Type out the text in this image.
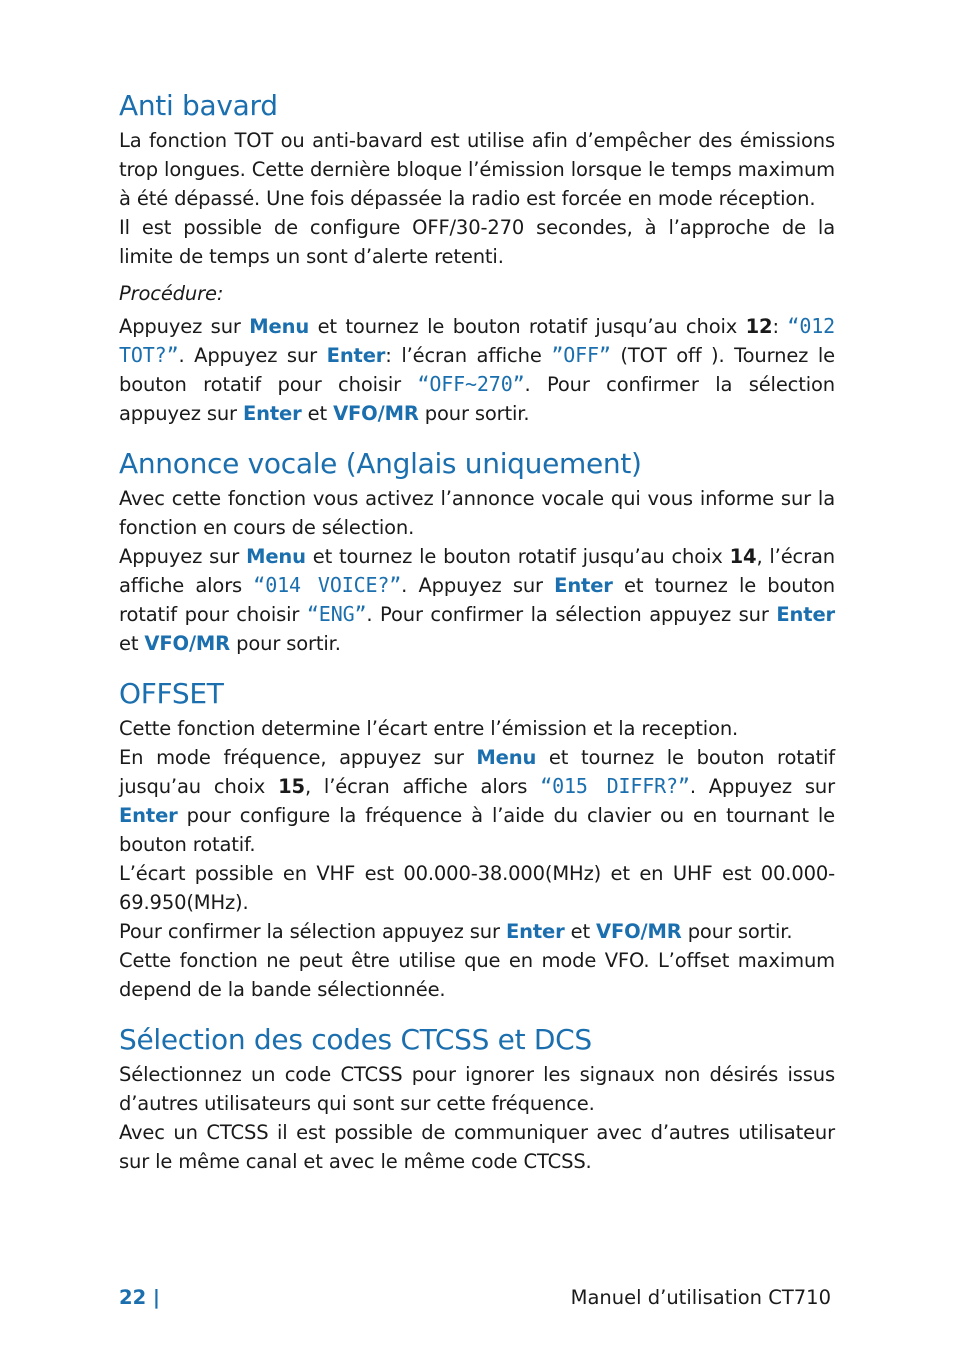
Anti bavard

La fonction TOT ou anti-bavard est utilise afin d’empêcher des émissions trop longues. Cette dernière bloque l’émission lorsque le temps maximum à été dépassé. Une fois dépassée la radio est forcée en mode réception.

Il est possible de configure OFF/30-270 secondes, à l’approche de la limite de temps un sont d’alerte retenti.

Procédure:

Appuyez sur Menu et tournez le bouton rotatif jusqu’au choix 12: “012 TOT?”. Appuyez sur Enter: l’écran affiche ”OFF” (TOT off ). Tournez le bouton rotatif pour choisir “OFF~270”. Pour confirmer la sélection appuyez sur Enter et VFO/MR pour sortir.

Annonce vocale (Anglais uniquement)

Avec cette fonction vous activez l’annonce vocale qui vous informe sur la fonction en cours de sélection.

Appuyez sur Menu et tournez le bouton rotatif jusqu’au choix 14, l’écran affiche alors “014 VOICE?”. Appuyez sur Enter et tournez le bouton rotatif pour choisir “ENG”. Pour confirmer la sélection appuyez sur Enter et VFO/MR pour sortir.

OFFSET

Cette fonction determine l’écart entre l’émission et la reception.

En mode fréquence, appuyez sur Menu et tournez le bouton rotatif jusqu’au choix 15, l’écran affiche alors “015 DIFFR?”. Appuyez sur Enter pour configure la fréquence à l’aide du clavier ou en tournant le bouton rotatif.

L’écart possible en VHF est 00.000-38.000(MHz) et en UHF est 00.000-69.950(MHz).

Pour confirmer la sélection appuyez sur Enter et VFO/MR pour sortir.

Cette fonction ne peut être utilise que en mode VFO. L’offset maximum depend de la bande sélectionnée.

Sélection des codes CTCSS et DCS

Sélectionnez un code CTCSS pour ignorer les signaux non désirés issus d’autres utilisateurs qui sont sur cette fréquence.

Avec un CTCSS il est possible de communiquer avec d’autres utilisateur sur le même canal et avec le même code CTCSS.

22 |	Manuel d’utilisation CT710
